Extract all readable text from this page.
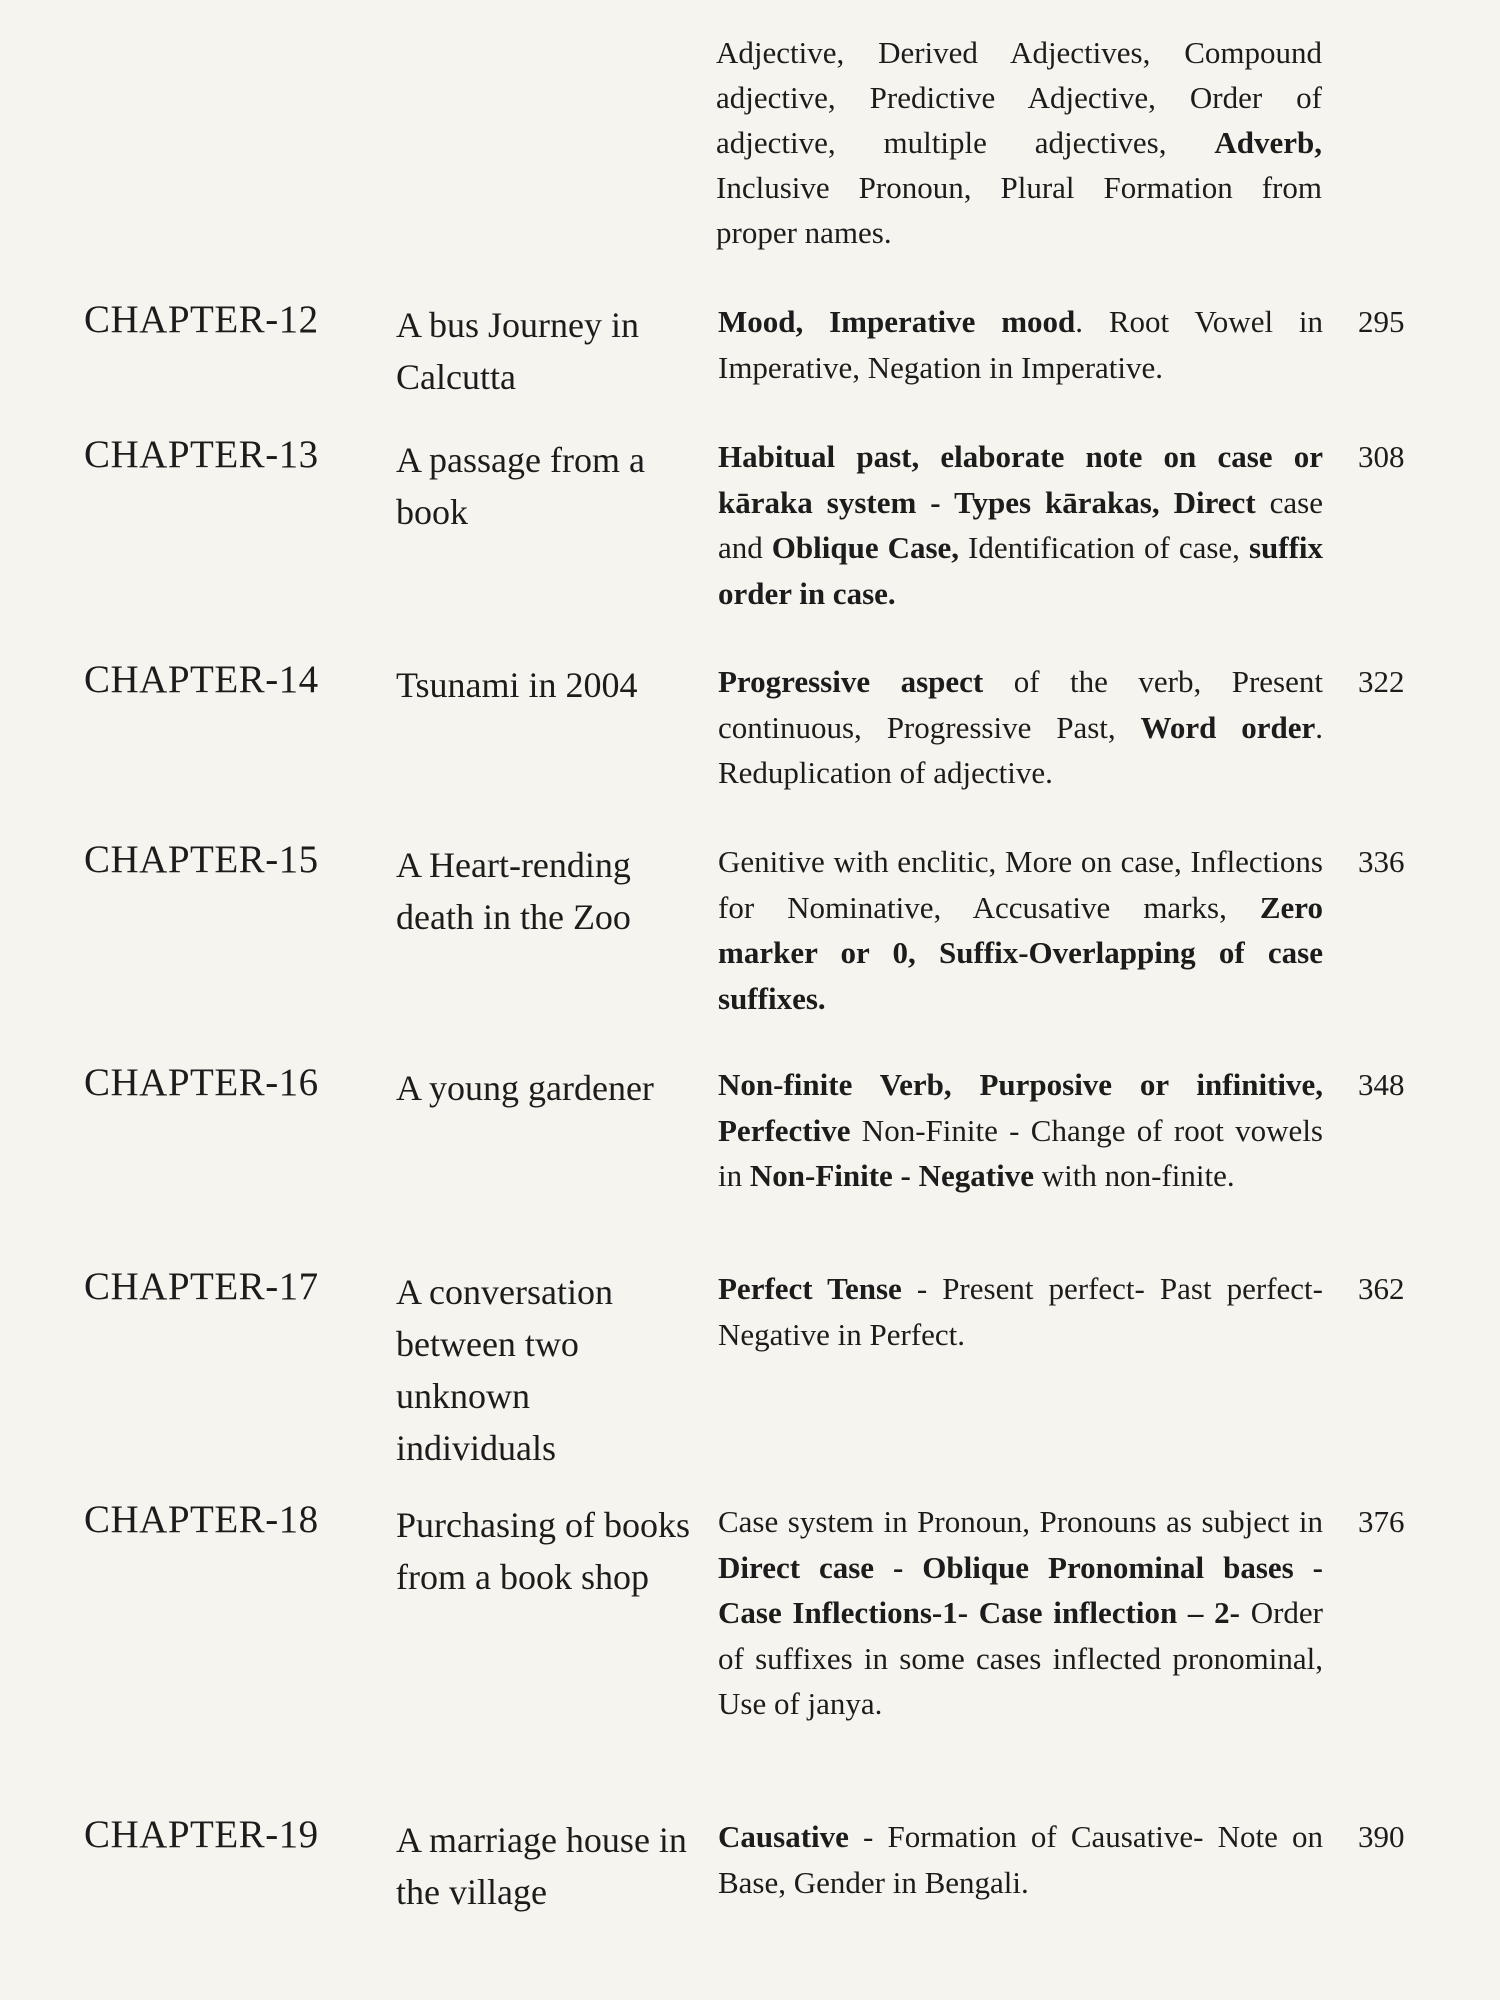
Adjective, Derived Adjectives, Compound adjective, Predictive Adjective, Order of adjective, multiple adjectives, Adverb, Inclusive Pronoun, Plural Formation from proper names.
CHAPTER-12 A bus Journey in Calcutta
Mood, Imperative mood. Root Vowel in Imperative, Negation in Imperative.
295
CHAPTER-13 A passage from a book
Habitual past, elaborate note on case or kāraka system - Types kārakas, Direct case and Oblique Case, Identification of case, suffix order in case.
308
CHAPTER-14 Tsunami in 2004	Progressive aspect of the verb, Present continuous, Progressive Past, Word order. Reduplication of adjective.
322
CHAPTER-15 A Heart-rending death in the Zoo
Genitive with enclitic, More on case, Inflections for Nominative, Accusative marks, Zero marker or 0, Suffix-Overlapping of case suffixes.
336
CHAPTER-16 A young gardener	Non-finite Verb, Purposive or infinitive, Perfective Non-Finite - Change of root vowels in Non-Finite - Negative with non-finite.
348
CHAPTER-17 A conversation between two unknown individuals
Perfect Tense - Present perfect- Past perfect- Negative in Perfect.
362
CHAPTER-18 Purchasing of books from a book shop
Case system in Pronoun, Pronouns as subject in Direct case - Oblique Pronominal bases - Case Inflections-1- Case inflection – 2- Order of suffixes in some cases inflected pronominal, Use of janya.
376
CHAPTER-19 A marriage house in the village
Causative - Formation of Causative- Note on Base, Gender in Bengali.
390
